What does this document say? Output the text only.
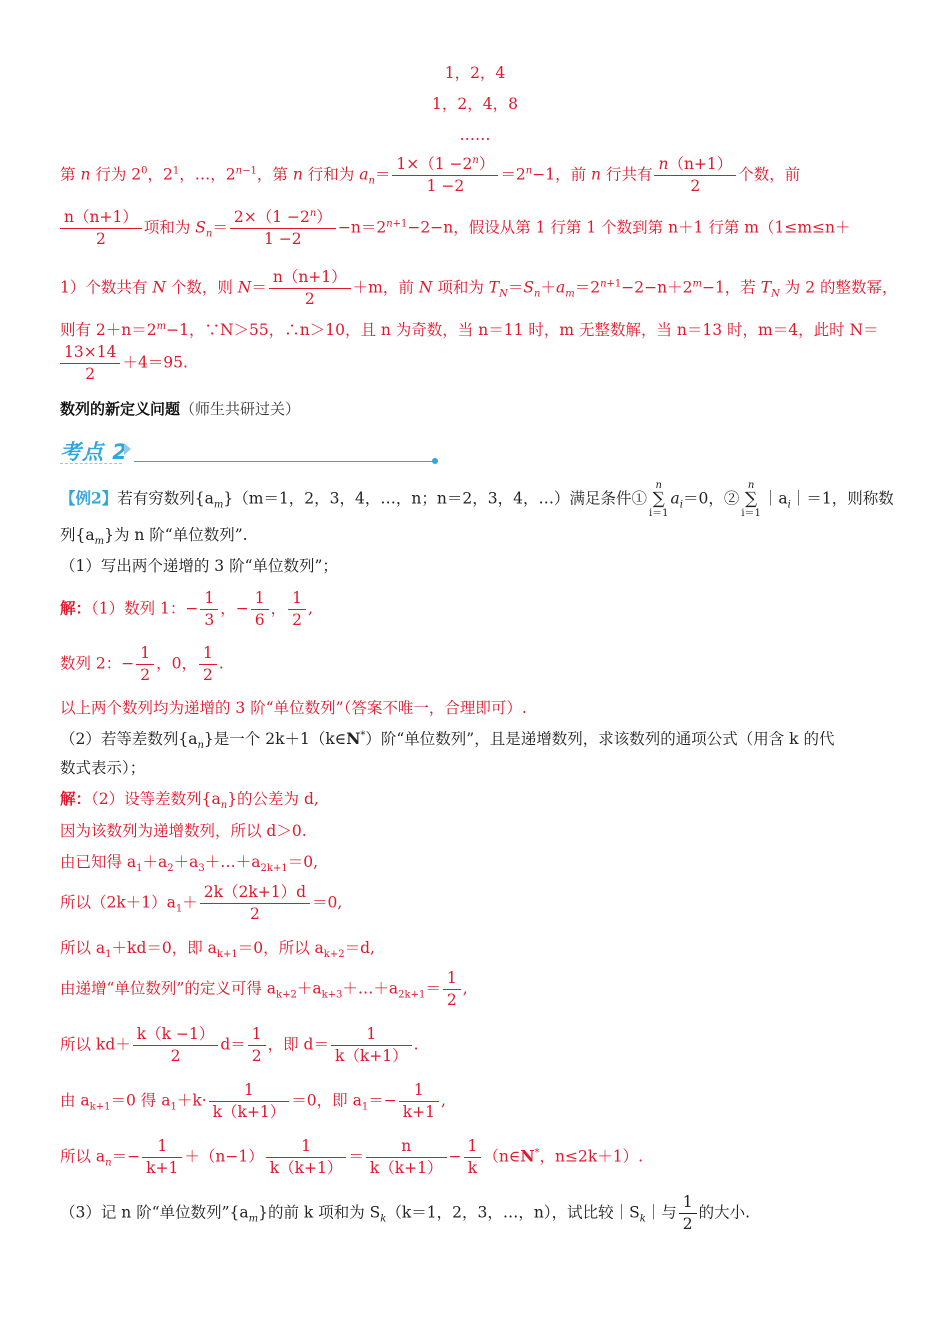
1，2，4
1，2，4，8
……
第 n 行为 $2^0$，$2^1$，…，$2^{n-1}$，第 n 行和为 $a_n= \frac{1\times(1 -2^n)}{1 -2} =2^n-1$，前 n 行共有 $\frac{n(n+1)}{2}$ 个数，前
$\frac{n(n+1)}{2}$ 项和为 $S_n= \frac{2\times(1 -2^n)}{1 -2} -n=2^{n+1}-2-n$，假设从第 1 行第 1 个数到第 n＋1 行第 m（1≤m≤n＋
1）个数共有 N 个数，则 $N= \frac{n(n+1)}{2} +m$，前 N 项和为 $T_N=S_n+a_m=2^{n+1}-2-n+2^m-1$，若 $T_N$ 为 2 的整数幂，
则有 $2+n=2^m-1$，∵N＞55，∴n＞10，且 n 为奇数，当 n＝11 时，m 无整数解，当 n＝13 时，m＝4，此时 N＝
$\frac{13\times 14}{2} +4=95$.
数列的新定义问题（师生共研过关）
考点 2
【例2】若有穷数列$\{a_m\}(m=1$，2，3，4，…，n；n＝2，3，4，…）满足条件①
n
∑
i＝1
$a_i=0$，②
n
∑
i＝1
$|a_i|=1$，则称数
列$\{a_m\}$为 n 阶“单位数列”.
（1）写出两个递增的 3 阶“单位数列”；
解：（1）数列 1：− $\frac{1}{3}$ ，− $\frac{1}{6}$ ， $\frac{1}{2}$ ,
数列 2：− $\frac{1}{2}$ ，0， $\frac{1}{2}$ .
以上两个数列均为递增的 3 阶“单位数列”（答案不唯一，合理即可）.
（2）若等差数列$\{a_n\}$是一个 2k＋1（k∈N*）阶“单位数列”，且是递增数列，求该数列的通项公式（用含 k 的代
数式表示）；
解：（2）设等差数列$\{a_n\}$的公差为 d,
因为该数列为递增数列，所以 d＞0.
由已知得 $a_1+a_2+a_3+\dots+a_{2k+1}=0$,
所以$(2k+1)a_1+ \frac{2k(2k+1)d}{2} =0$,
所以 $a_1+kd=0$，即 $a_{k+1}=0$，所以 $a_{k+2}=d$,
由递增“单位数列”的定义可得 $a_{k+2}+a_{k+3}+\dots+a_{2k+1}= \frac{1}{2}$ ,
所以 $kd+ \frac{k(k -1)}{2} d= \frac{1}{2}$ ，即 $d= \frac{1}{k(k+1)}$ .
由 $a_{k+1}=0$ 得 $a_1+k\cdot \frac{1}{k(k+1)} =0$，即 $a_1=- \frac{1}{k+1}$ ,
所以 $a_n=- \frac{1}{k+1} +(n-1) \frac{1}{k(k+1)} = \frac{n}{k(k+1)} - \frac{1}{k}$ （n∈N*，n≤2k＋1）.
（3）记 n 阶“单位数列$”\{a_m\}$的前 k 项和为 $S_k(k=1$，2，3，…，n），试比较$|S_k|$与 $\frac{1}{2}$ 的大小.
